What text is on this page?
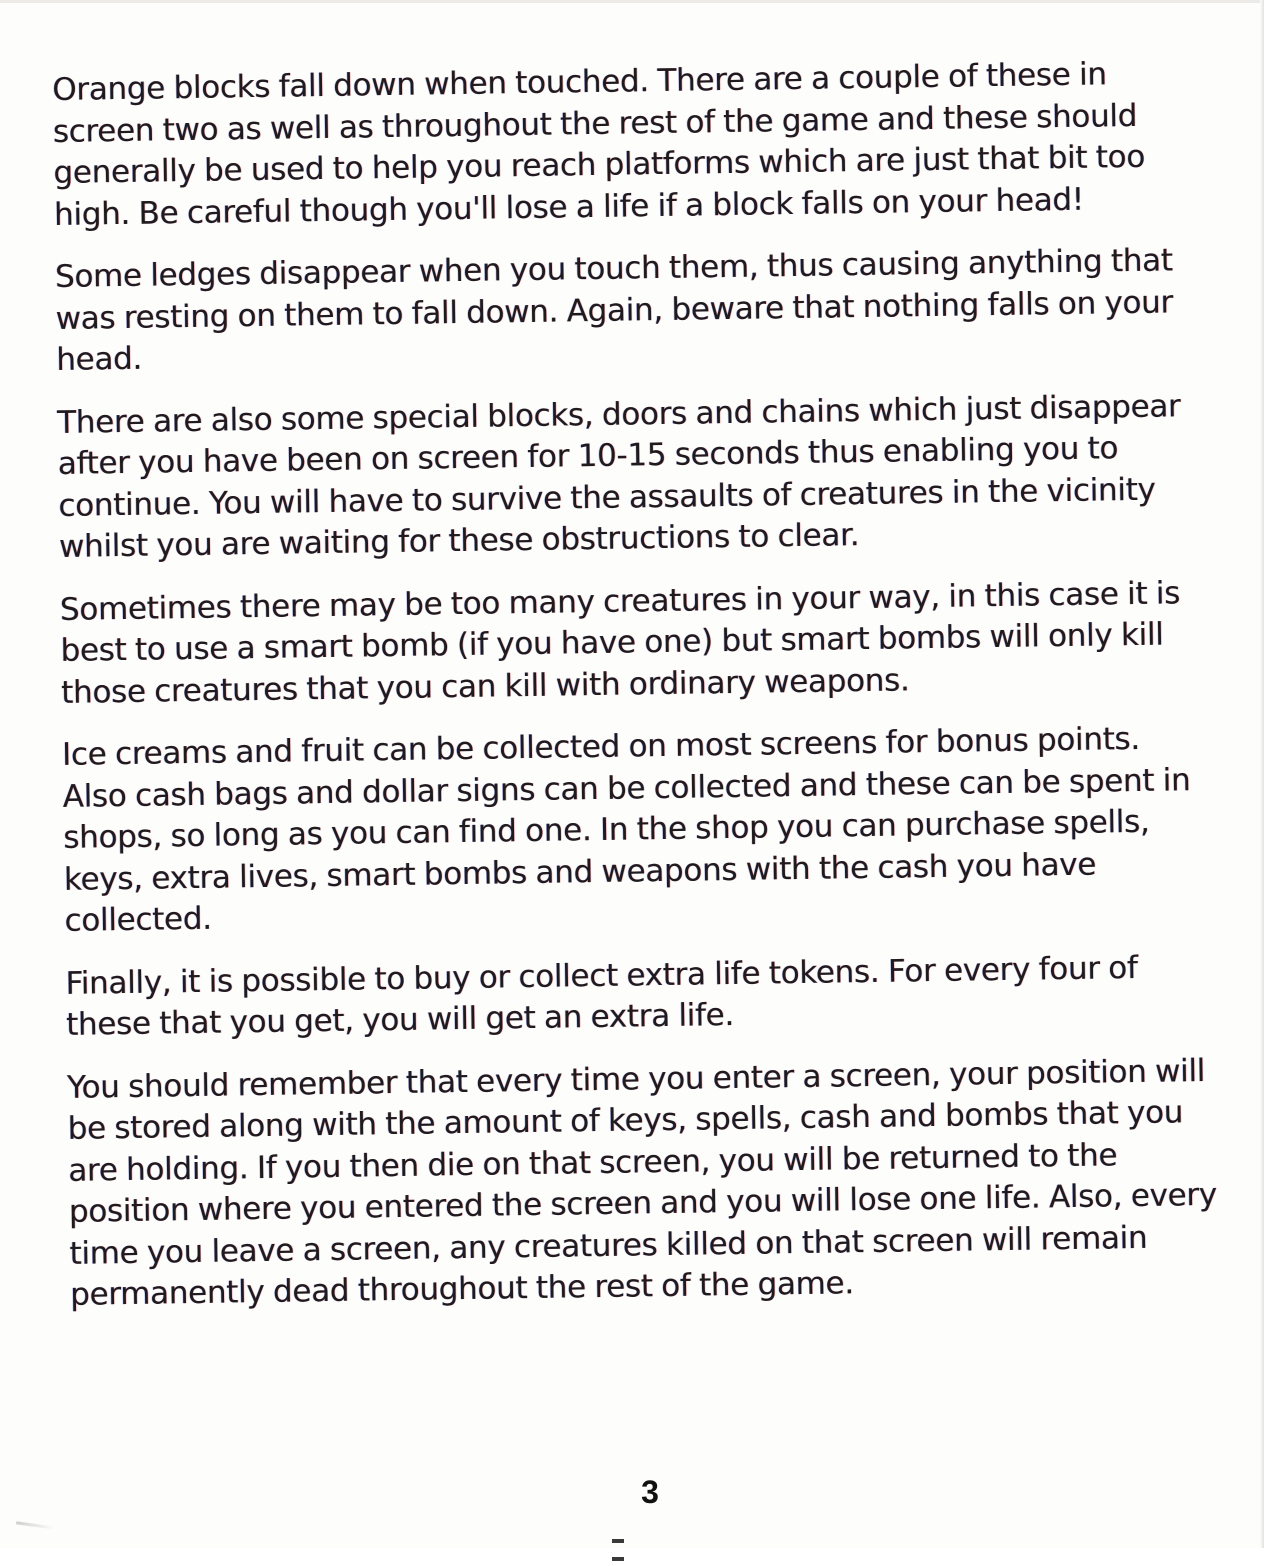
Orange blocks fall down when touched. There are a couple of these in screen two as well as throughout the rest of the game and these should generally be used to help you reach platforms which are just that bit too high. Be careful though you'll lose a life if a block falls on your head!

Some ledges disappear when you touch them, thus causing anything that was resting on them to fall down. Again, beware that nothing falls on your head.

There are also some special blocks, doors and chains which just disappear after you have been on screen for 10-15 seconds thus enabling you to continue. You will have to survive the assaults of creatures in the vicinity whilst you are waiting for these obstructions to clear.

Sometimes there may be too many creatures in your way, in this case it is best to use a smart bomb (if you have one) but smart bombs will only kill those creatures that you can kill with ordinary weapons.

Ice creams and fruit can be collected on most screens for bonus points. Also cash bags and dollar signs can be collected and these can be spent in shops, so long as you can find one. In the shop you can purchase spells, keys, extra lives, smart bombs and weapons with the cash you have collected.

Finally, it is possible to buy or collect extra life tokens. For every four of these that you get, you will get an extra life.

You should remember that every time you enter a screen, your position will be stored along with the amount of keys, spells, cash and bombs that you are holding. If you then die on that screen, you will be returned to the position where you entered the screen and you will lose one life. Also, every time you leave a screen, any creatures killed on that screen will remain permanently dead throughout the rest of the game.

3
